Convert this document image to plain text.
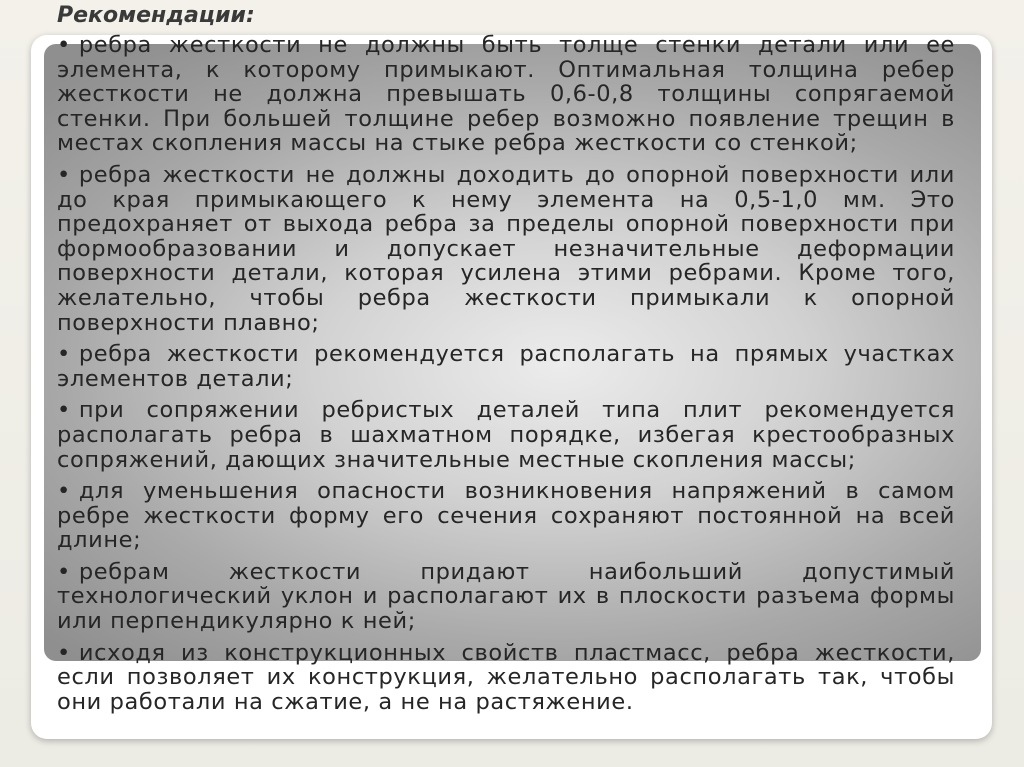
Рекомендации:

• ребра жесткости не должны быть толще стенки детали или ее элемента, к которому примыкают. Оптимальная толщина ребер жесткости не должна превышать 0,6-0,8 толщины сопрягаемой стенки. При большей толщине ребер возможно появление трещин в местах скопления массы на стыке ребра жесткости со стенкой;

• ребра жесткости не должны доходить до опорной поверхности или до края примыкающего к нему элемента на 0,5-1,0 мм. Это предохраняет от выхода ребра за пределы опорной поверхности при формообразовании и допускает незначительные деформации поверхности детали, которая усилена этими ребрами. Кроме того, желательно, чтобы ребра жесткости примыкали к опорной поверхности плавно;

• ребра жесткости рекомендуется располагать на прямых участках элементов детали;

• при сопряжении ребристых деталей типа плит рекомендуется располагать ребра в шахматном порядке, избегая крестообразных сопряжений, дающих значительные местные скопления массы;

• для уменьшения опасности возникновения напряжений в самом ребре жесткости форму его сечения сохраняют постоянной на всей длине;

• ребрам жесткости придают наибольший допустимый технологический уклон и располагают их в плоскости разъема формы или перпендикулярно к ней;

• исходя из конструкционных свойств пластмасс, ребра жесткости, если позволяет их конструкция, желательно располагать так, чтобы они работали на сжатие, а не на растяжение.
